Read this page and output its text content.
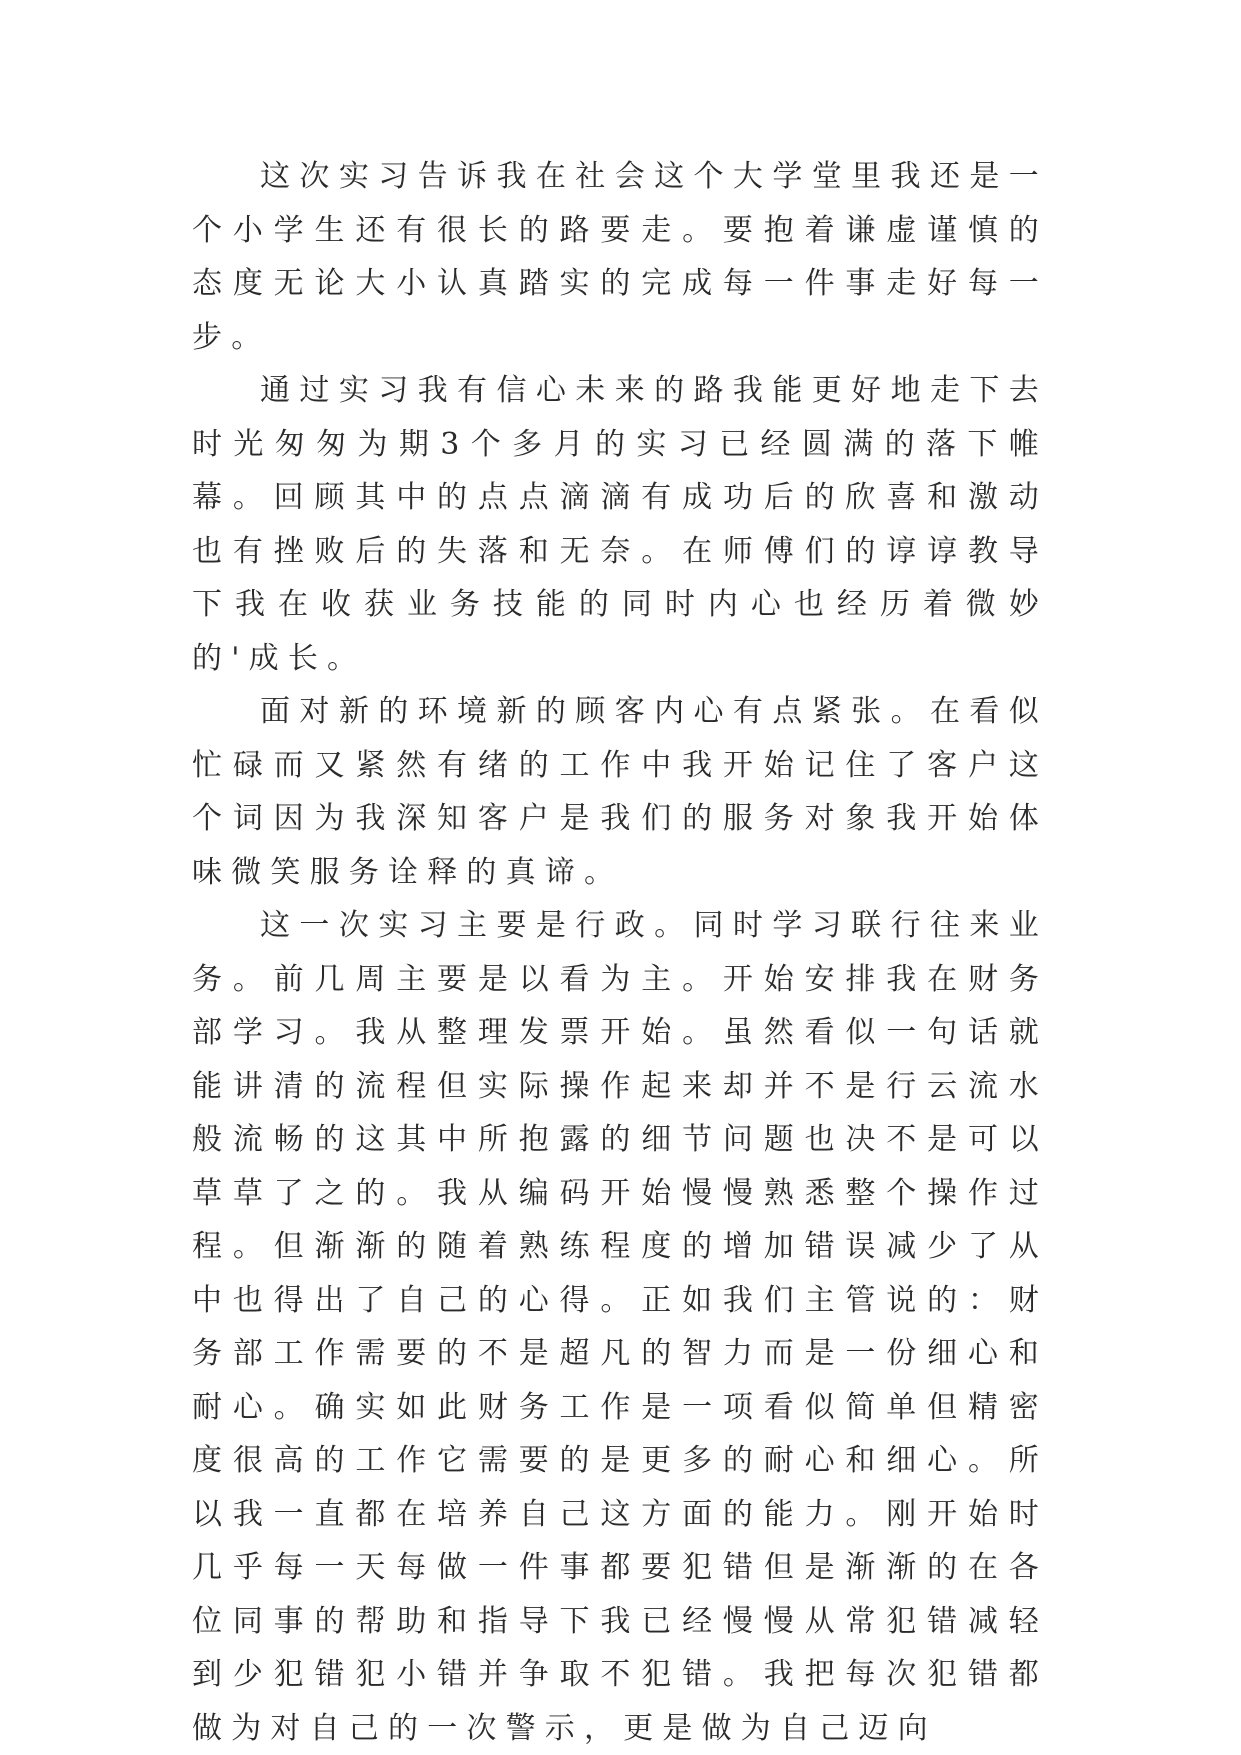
这次实习告诉我在社会这个大学堂里我还是一个小学生还有很长的路要走。要抱着谦虚谨慎的态度无论大小认真踏实的完成每一件事走好每一步。

通过实习我有信心未来的路我能更好地走下去时光匆匆为期3个多月的实习已经圆满的落下帷幕。回顾其中的点点滴滴有成功后的欣喜和激动也有挫败后的失落和无奈。在师傅们的谆谆教导下我在收获业务技能的同时内心也经历着微妙的'成长。

面对新的环境新的顾客内心有点紧张。在看似忙碌而又紧然有绪的工作中我开始记住了客户这个词因为我深知客户是我们的服务对象我开始体味微笑服务诠释的真谛。

这一次实习主要是行政。同时学习联行往来业务。前几周主要是以看为主。开始安排我在财务部学习。我从整理发票开始。虽然看似一句话就能讲清的流程但实际操作起来却并不是行云流水般流畅的这其中所抱露的细节问题也决不是可以草草了之的。我从编码开始慢慢熟悉整个操作过程。但渐渐的随着熟练程度的增加错误减少了从中也得出了自己的心得。正如我们主管说的：财务部工作需要的不是超凡的智力而是一份细心和耐心。确实如此财务工作是一项看似简单但精密度很高的工作它需要的是更多的耐心和细心。所以我一直都在培养自己这方面的能力。刚开始时几乎每一天每做一件事都要犯错但是渐渐的在各位同事的帮助和指导下我已经慢慢从常犯错减轻到少犯错犯小错并争取不犯错。我把每次犯错都做为对自己的一次警示，更是做为自己迈向
